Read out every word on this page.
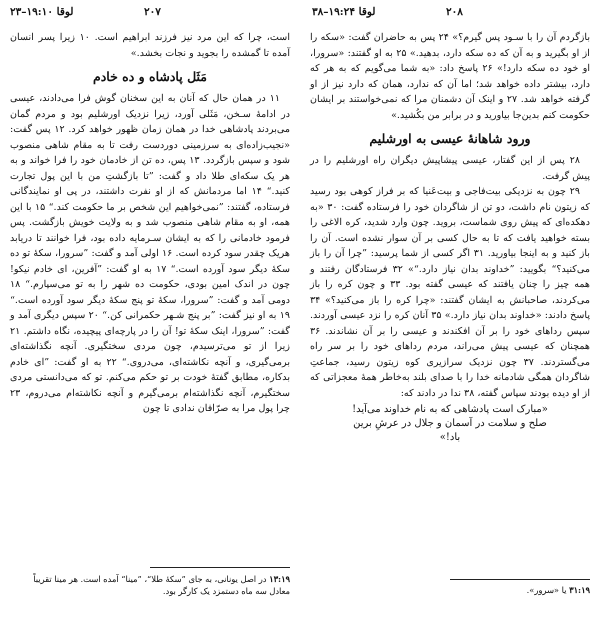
لوقا ۱۹:۲۴–۳۸	۲۰۸

بازگردم آن را با سـود پس گیرم؟» ۲۴ پس به حاضران گفت: «سکه را از او بگیرید و به آن که ده سکه دارد، بدهید.» ۲۵ به او گفتند: «سرورا، او خود ده سکه دارد!» ۲۶ پاسخ داد: «به شما می‌گویم که به هر که دارد، بیشتر داده خواهد شد؛ اما آن که ندارد، همان که دارد نیز از او گرفته خواهد شد. ۲۷ و اینک آن دشمنان مرا که نمی‌خواستند بر ایشان حکومت کنم بدین‌جا بیاورید و در برابر من بکُشید.»

ورود شاهانهٔ عیسی به اورشلیم

۲۸ پس از این گفتار، عیسی پیشاپیش دیگران راه اورشلیم را در پیش گرفت.

۲۹ چون به نزدیکی بیت‌فاجی و بیت‌عَنیا که بر فراز کوهی بود رسید که زیتون نام داشت، دو تن از شاگردان خود را فرستاده گفت: ۳۰ «به دهکده‌ای که پیش روی شماست، بروید. چون وارد شدید، کره الاغی را بسته خواهید یافت که تا به حال کسی بر آن سوار نشده است. آن را باز کنید و به اینجا بیاورید. ۳۱ اگر کسی از شما پرسید: ”چرا آن را باز می‌کنید؟“ بگویید: ”خداوند بدان نیاز دارد.“» ۳۲ فرستادگان رفتند و همه چیز را چنان یافتند که عیسی گفته بود. ۳۳ و چون کره را باز می‌کردند، صاحبانش به ایشان گفتند: «چرا کره را باز می‌کنید؟» ۳۴ پاسخ دادند: «خداوند بدان نیاز دارد.» ۳۵ آنان کره را نزد عیسی آوردند. سپس رداهای خود را بر آن افکندند و عیسی را بر آن نشاندند. ۳۶ همچنان که عیسی پیش می‌راند، مردم رداهای خود را بر سر راه می‌گستردند. ۳۷ چون نزدیک سرازیری کوه زیتون رسید، جماعتِ شاگردان همگی شادمانه خدا را با صدای بلند به‌خاطر همهٔ معجزاتی که از او دیده بودند سپاس گفته، ۳۸ ندا در دادند که:

«مبارک است پادشاهی که به نام خداوند می‌آید!
صلح و سلامت در آسمان و جلال در عرشِ برین
باد!»
۳۱:۱۹ یا «سرور».
لوقا ۱۹:۱۰–۲۳	۲۰۷

است، چرا که این مرد نیز فرزند ابراهیم است. ۱۰ زیرا پسر انسان آمده تا گمشده را بجوید و نجات بخشد.»

مَثَل پادشاه و ده خادم

۱۱ در همان حال که آنان به این سخنان گوش فرا می‌دادند، عیسی در ادامهٔ سـخن، مَثَلی آورد، زیرا نزدیک اورشلیم بود و مردم گمان می‌بردند پادشاهی خدا در همان زمان ظهور خواهد کرد. ۱۲ پس گفت: «نجیب‌زاده‌ای به سرزمینی دوردست رفت تا به مقام شاهی منصوب شود و سپس بازگردد. ۱۳ پس، ده تن از خادمان خود را فرا خواند و به هر یک سکه‌ای طلا داد و گفت: ”تا بازگشتِ من با این پول تجارت کنید.“ ۱۴ اما مردمانش که از او نفرت داشتند، در پی او نمایندگانی فرستاده، گفتند: ”نمی‌خواهیم این شخص بر ما حکومت کند.“ ۱۵ با این همه، او به مقام شاهی منصوب شد و به ولایت خویش بازگشت. پس فرمود خادمانی را که به ایشان سـرمایه داده بود، فرا خوانند تا دریابد هریک چقدر سود کرده است. ۱۶ اولی آمد و گفت: ”سرورا، سکهٔ تو ده سکهٔ دیگر سود آورده است.“ ۱۷ به او گفت: ”آفرین، ای خادم نیکو! چون در اندک امین بودی، حکومت ده شهر را به تو می‌سپارم.“ ۱۸ دومی آمد و گفت: ”سرورا، سکهٔ تو پنج سکهٔ دیگر سود آورده است.“ ۱۹ به او نیز گفت: ”بر پنج شـهر حکمرانی کن.“ ۲۰ سپس دیگری آمد و گفت: ”سرورا، اینک سکهٔ تو! آن را در پارچه‌ای پیچیده، نگاه داشتم. ۲۱ زیرا از تو می‌ترسیدم، چون مردی سختگیری. آنچه نگذاشته‌ای برمی‌گیری، و آنچه نکاشته‌ای، می‌دروی.“ ۲۲ به او گفت: ”ای خادم بدکاره، مطابق گفتهٔ خودت بر تو حکم می‌کنم. تو که می‌دانستی مردی سختگیرم، آنچه نگذاشته‌ام برمی‌گیرم و آنچه نکاشته‌ام می‌دروم، ۲۳ چرا پول مرا به صرّافان ندادی تا چون

۱۳:۱۹ در اصل یونانی، به جای ”سکهٔ طلا“، ”مینا“ آمده است. هر مینا تقریباً معادل سه ماه دستمزد یک کارگر بود.
